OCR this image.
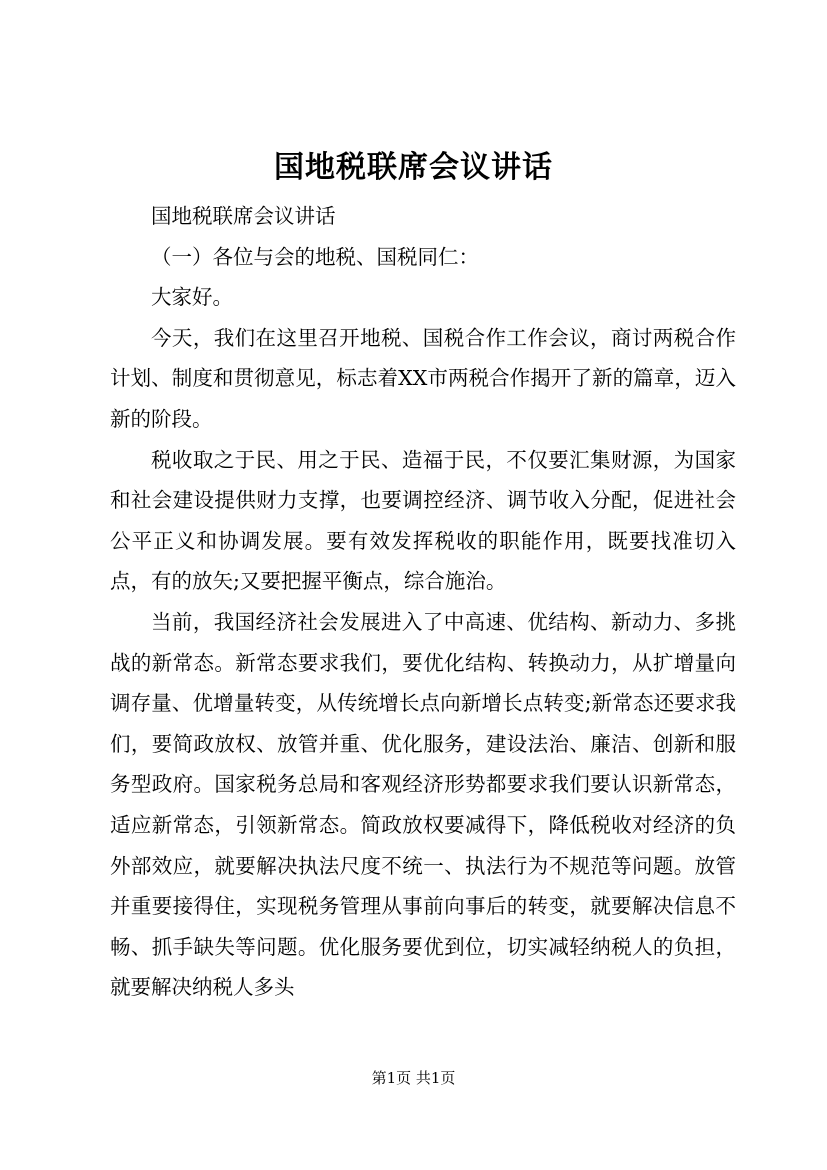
国地税联席会议讲话

国地税联席会议讲话

（一）各位与会的地税、国税同仁：

大家好。

今天，我们在这里召开地税、国税合作工作会议，商讨两税合作计划、制度和贯彻意见，标志着XX市两税合作揭开了新的篇章，迈入新的阶段。

税收取之于民、用之于民、造福于民，不仅要汇集财源，为国家和社会建设提供财力支撑，也要调控经济、调节收入分配，促进社会公平正义和协调发展。要有效发挥税收的职能作用，既要找准切入点，有的放矢;又要把握平衡点，综合施治。

当前，我国经济社会发展进入了中高速、优结构、新动力、多挑战的新常态。新常态要求我们，要优化结构、转换动力，从扩增量向调存量、优增量转变，从传统增长点向新增长点转变;新常态还要求我们，要简政放权、放管并重、优化服务，建设法治、廉洁、创新和服务型政府。国家税务总局和客观经济形势都要求我们要认识新常态，适应新常态，引领新常态。简政放权要减得下，降低税收对经济的负外部效应，就要解决执法尺度不统一、执法行为不规范等问题。放管并重要接得住，实现税务管理从事前向事后的转变，就要解决信息不畅、抓手缺失等问题。优化服务要优到位，切实减轻纳税人的负担，就要解决纳税人多头

第1页 共1页
